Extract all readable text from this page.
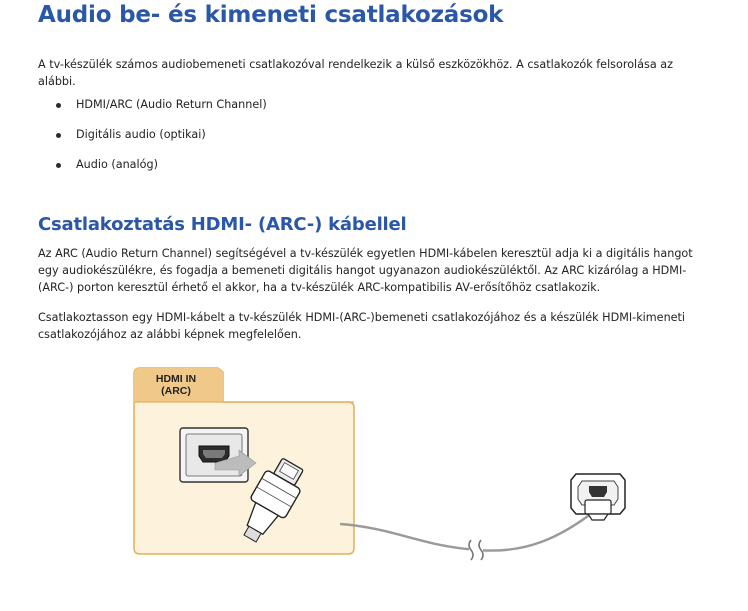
Audio be- és kimeneti csatlakozások

A tv-készülék számos audiobemeneti csatlakozóval rendelkezik a külső eszközökhöz. A csatlakozók felsorolása az alábbi.

HDMI/ARC (Audio Return Channel)
Digitális audio (optikai)
Audio (analóg)
Csatlakoztatás HDMI- (ARC-) kábellel

Az ARC (Audio Return Channel) segítségével a tv-készülék egyetlen HDMI-kábelen keresztül adja ki a digitális hangot egy audiokészülékre, és fogadja a bemeneti digitális hangot ugyanazon audiokészüléktől. Az ARC kizárólag a HDMI- (ARC-) porton keresztül érhető el akkor, ha a tv-készülék ARC-kompatibilis AV-erősítőhöz csatlakozik.

Csatlakoztasson egy HDMI-kábelt a tv-készülék HDMI-(ARC-)bemeneti csatlakozójához és a készülék HDMI-kimeneti csatlakozójához az alábbi képnek megfelelően.

HDMI IN
(ARC)
